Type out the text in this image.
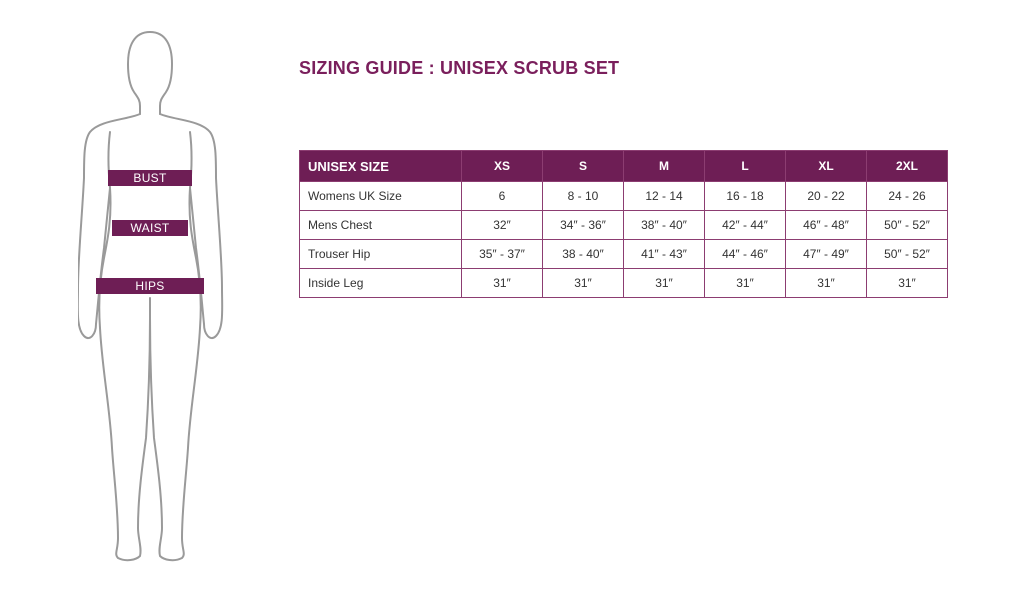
BUST
WAIST
HIPS
SIZING GUIDE : UNISEX SCRUB SET
UNISEX SIZE	XS	S	M	L	XL	2XL
Womens UK Size	6	8 - 10	12 - 14	16 - 18	20 - 22	24 - 26
Mens Chest	32″	34″ - 36″	38″ - 40″	42″ - 44″	46″ - 48″	50″ - 52″
Trouser Hip	35″ - 37″	38 - 40″	41″ - 43″	44″ - 46″	47″ - 49″	50″ - 52″
Inside Leg	31″	31″	31″	31″	31″	31″
